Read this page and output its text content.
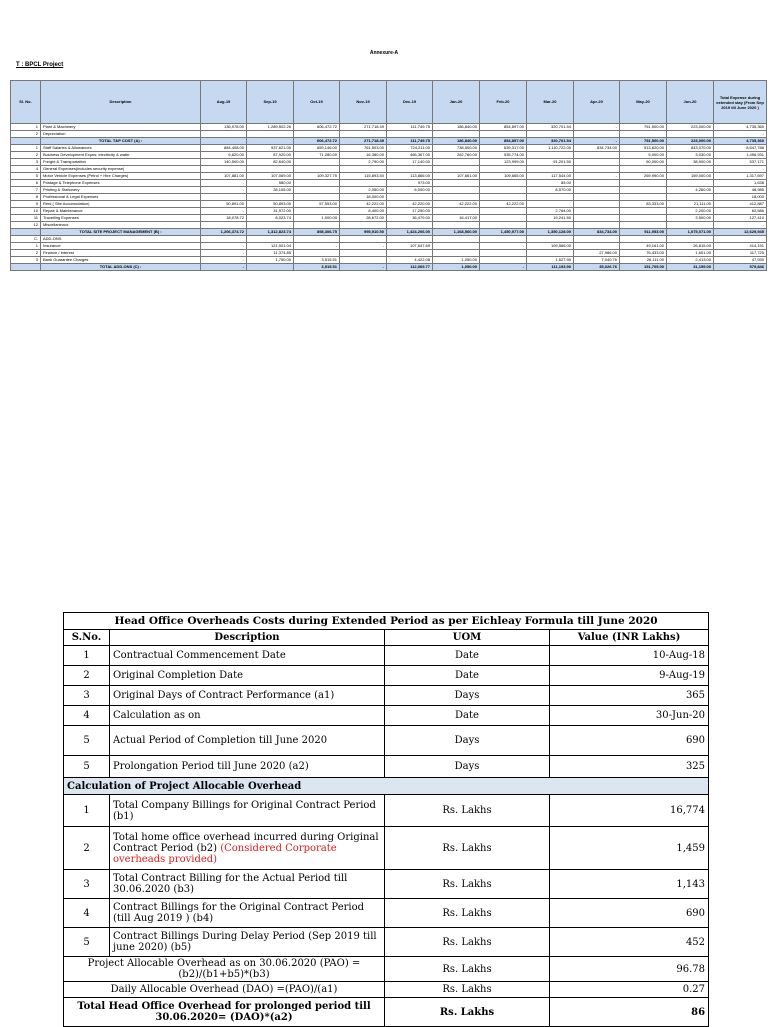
Annexure-A
T : BPCL Project
Sl. No.	Description	Aug-19	Sep-19	Oct-19	Nov-19	Dec-19	Jan-20	Feb-20	Mar-20	Apr-20	May-20	Jun-20	Total Expense during extended stay (From Sep 2019 till June 2020 )
1	Plant & Machinery	136,978.00	1,289,502.26	606,472.72	271,718.49	111,749.75	186,840.00	854,897.00	320,701.54	-	751,500.00	223,000.00	4,735,360
2	Depreciation												-
	TOTAL T&P COST (A) :			606,472.72	271,718.49	111,749.75	186,840.00	854,897.00	320,701.54	-	751,500.00	223,000.00	4,735,360
1	Staff Salaries & Allowances	884,408.00	937,621.00	659,146.00	761,503.00	724,211.00	738,500.00	639,317.00	1,110,722.00	834,734.00	513,620.00	843,070.00	8,647,788
2	Business Development Expns; electricity & water	6,620.00	87,920.00	71,280.00	16,380.00	466,367.00	262,760.00	535,774.00			5,000.00	3,030.00	1,456,931
3	Freight & Transportation	140,500.00	82,640.00		2,790.00	17,140.00		123,999.00	91,201.50		60,000.00	38,900.00	537,171
4	General Expenses(includes security expense)												-
5	Motor Vehicle Expenses (Petrol + Hire Charges)	107,881.00	107,069.00	109,327.75	115,893.50	113,866.00	107,661.00	109,665.00	117,544.00	-	269,990.00	159,000.00	1,317,697
6	Postage & Telephone Expenses	-	580.00			973.00			85.00				1,638
7	Printing & Stationery	-	28,105.00		2,050.00	6,000.00			8,570.00			4,260.00	48,985
8	Professional & Legal Expenses				18,000.00								18,000
9	Rent ( Site Accomodation)	50,891.00	50,893.00	57,553.00	42,222.00	42,220.00	42,222.00	42,222.00			83,333.00	21,111.00	412,887
10	Repair & Maintenance	-	31,972.00		8,400.00	17,250.00			2,764.00			2,200.00	62,586
11	Travelling Expenses	18,078.72	8,023.74	1,000.00	28,672.00	36,479.00	16,417.00		19,241.50			3,500.00	127,410
12	Miscellaneous												-
	TOTAL SITE PROJECT MANAGEMENT (B) :	1,206,374.72	1,312,823.74	898,306.75	995,910.50	1,424,206.00	1,168,560.00	1,450,977.00	1,350,128.00	834,734.00	911,953.00	1,075,071.00	12,629,945
C.	ADD-ONS												
1	Insurance	-	121,001.04	-	-	107,647.69		-	109,566.00		49,161.00	26,815.00	414,191
2	Finance / Interest	-	11,374.85							27,986.00	76,433.00	1,601.00	117,725
3	Bank Guarantee Charges	-	1,750.00	3,515.51		4,422.08	1,050.00		1,627.90	7,040.76	26,111.00	2,413.00	47,930
	TOTAL ADD-ONS (C) :	-		3,515.51	-	112,069.77	1,050.00	-	111,193.90	35,026.76	151,705.00	31,159.00	579,846
Head Office Overheads Costs during Extended Period as per Eichleay Formula till June 2020			
S.No.	Description	UOM	Value (INR Lakhs)
1	Contractual Commencement Date	Date	10-Aug-18
2	Original Completion Date	Date	9-Aug-19
3	Original Days of Contract Performance (a1)	Days	365
4	Calculation as on	Date	30-Jun-20
5	Actual Period of Completion till June 2020	Days	690
5	Prolongation Period till June 2020 (a2)	Days	325
Calculation of Project Allocable Overhead			
1	Total Company Billings for Original Contract Period (b1)	Rs. Lakhs	16,774
2	Total home office overhead incurred during Original Contract Period (b2) (Considered Corporate overheads provided)	Rs. Lakhs	1,459
3	Total Contract Billing for the Actual Period till 30.06.2020 (b3)	Rs. Lakhs	1,143
4	Contract Billings for the Original Contract Period (till Aug 2019 ) (b4)	Rs. Lakhs	690
5	Contract Billings During Delay Period (Sep 2019 till june 2020) (b5)	Rs. Lakhs	452
Project Allocable Overhead as on 30.06.2020 (PAO) = (b2)/(b1+b5)*(b3)		Rs. Lakhs	96.78
Daily Allocable Overhead (DAO) =(PAO)/(a1)		Rs. Lakhs	0.27
Total Head Office Overhead for prolonged period till 30.06.2020= (DAO)*(a2)		Rs. Lakhs	86
